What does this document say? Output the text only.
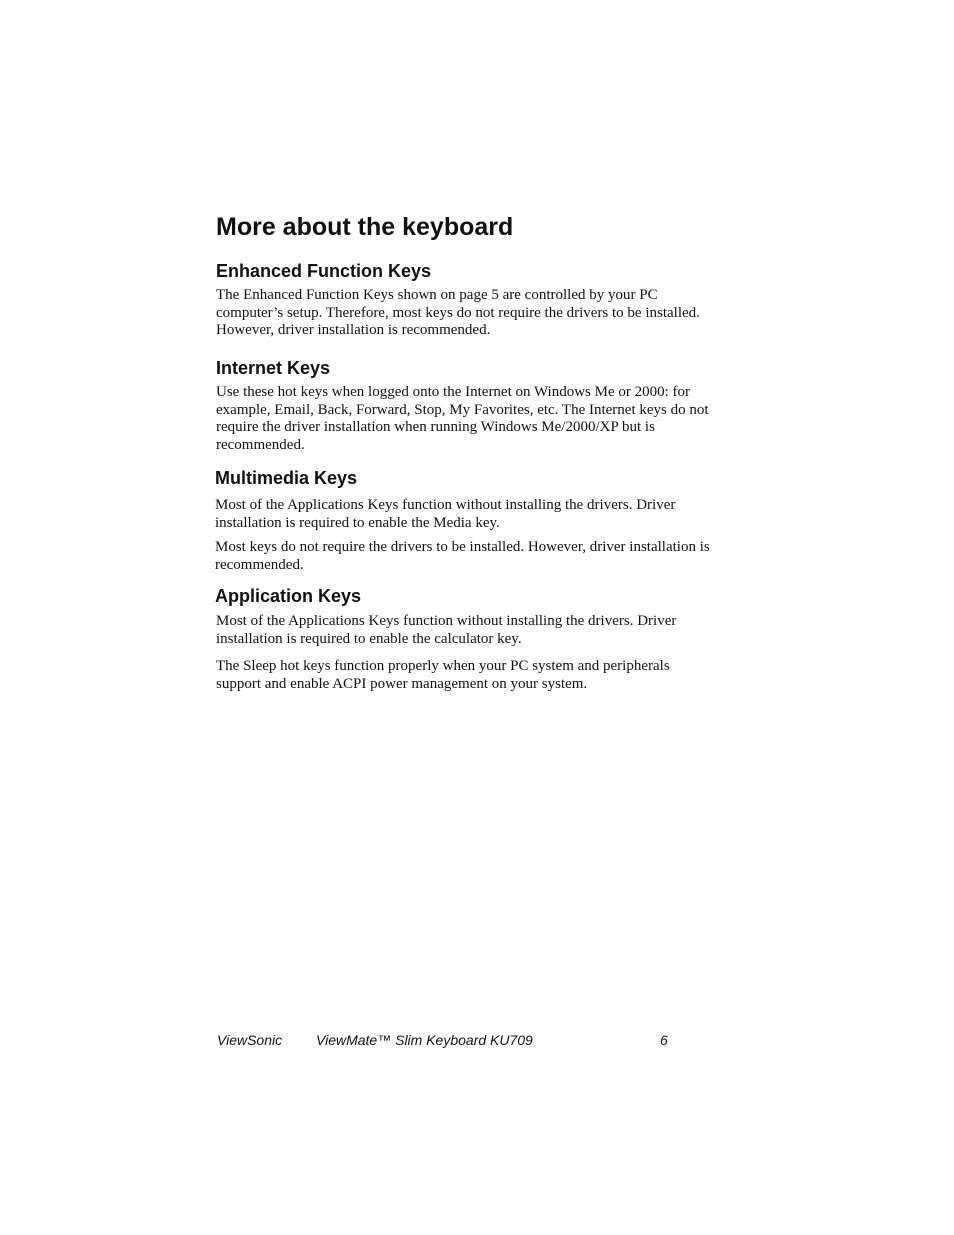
More about the keyboard
Enhanced Function Keys

The Enhanced Function Keys shown on page 5 are controlled by your PC computer’s setup. Therefore, most keys do not require the drivers to be installed. However, driver installation is recommended.

Internet Keys

Use these hot keys when logged onto the Internet on Windows Me or 2000: for example, Email, Back, Forward, Stop, My Favorites, etc. The Internet keys do not require the driver installation when running Windows Me/2000/XP but is recommended.

Multimedia Keys

Most of the Applications Keys function without installing the drivers. Driver installation is required to enable the Media key.

Most keys do not require the drivers to be installed. However, driver installation is recommended.

Application Keys

Most of the Applications Keys function without installing the drivers. Driver installation is required to enable the calculator key.

The Sleep hot keys function properly when your PC system and peripherals support and enable ACPI power management on your system.

ViewSonic ViewMate™ Slim Keyboard KU709	6
